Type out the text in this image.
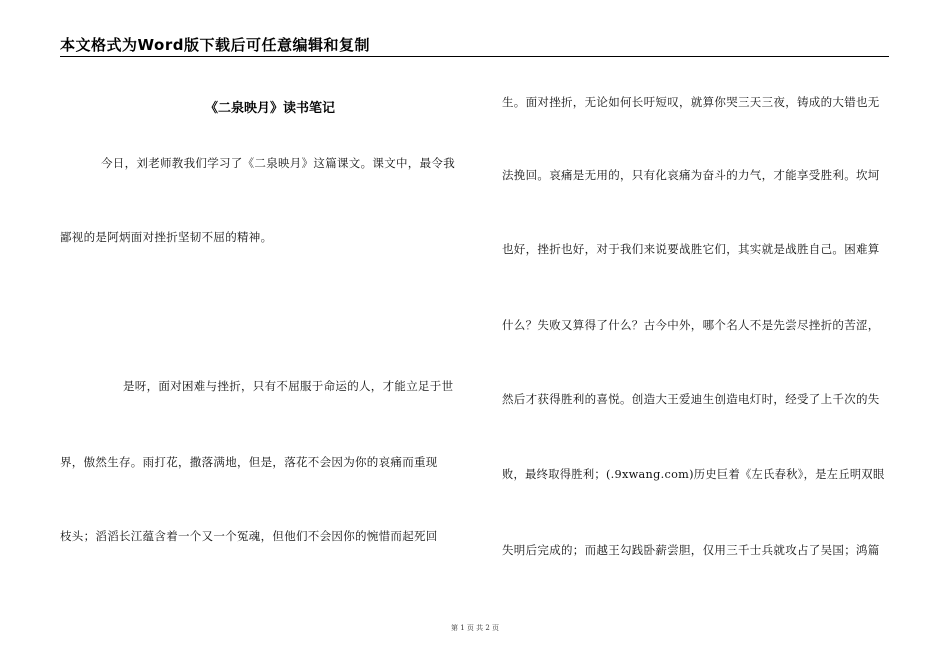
本文格式为Word版下载后可任意编辑和复制
《二泉映月》读书笔记
今日，刘老师教我们学习了《二泉映月》这篇课文。课文中，最令我
鄙视的是阿炳面对挫折坚韧不屈的精神。
是呀，面对困难与挫折，只有不屈服于命运的人，才能立足于世
界，傲然生存。雨打花，撒落满地，但是，落花不会因为你的哀痛而重现
枝头；滔滔长江蕴含着一个又一个冤魂，但他们不会因你的惋惜而起死回
生。面对挫折，无论如何长吁短叹，就算你哭三天三夜，铸成的大错也无
法挽回。哀痛是无用的，只有化哀痛为奋斗的力气，才能享受胜利。坎坷
也好，挫折也好，对于我们来说要战胜它们，其实就是战胜自己。困难算
什么？失败又算得了什么？古今中外，哪个名人不是先尝尽挫折的苦涩，
然后才获得胜利的喜悦。创造大王爱迪生创造电灯时，经受了上千次的失
败，最终取得胜利；(.9xwang.com)历史巨着《左氏春秋》，是左丘明双眼
失明后完成的；而越王勾践卧薪尝胆，仅用三千士兵就攻占了吴国；鸿篇
第 1 页 共 2 页
